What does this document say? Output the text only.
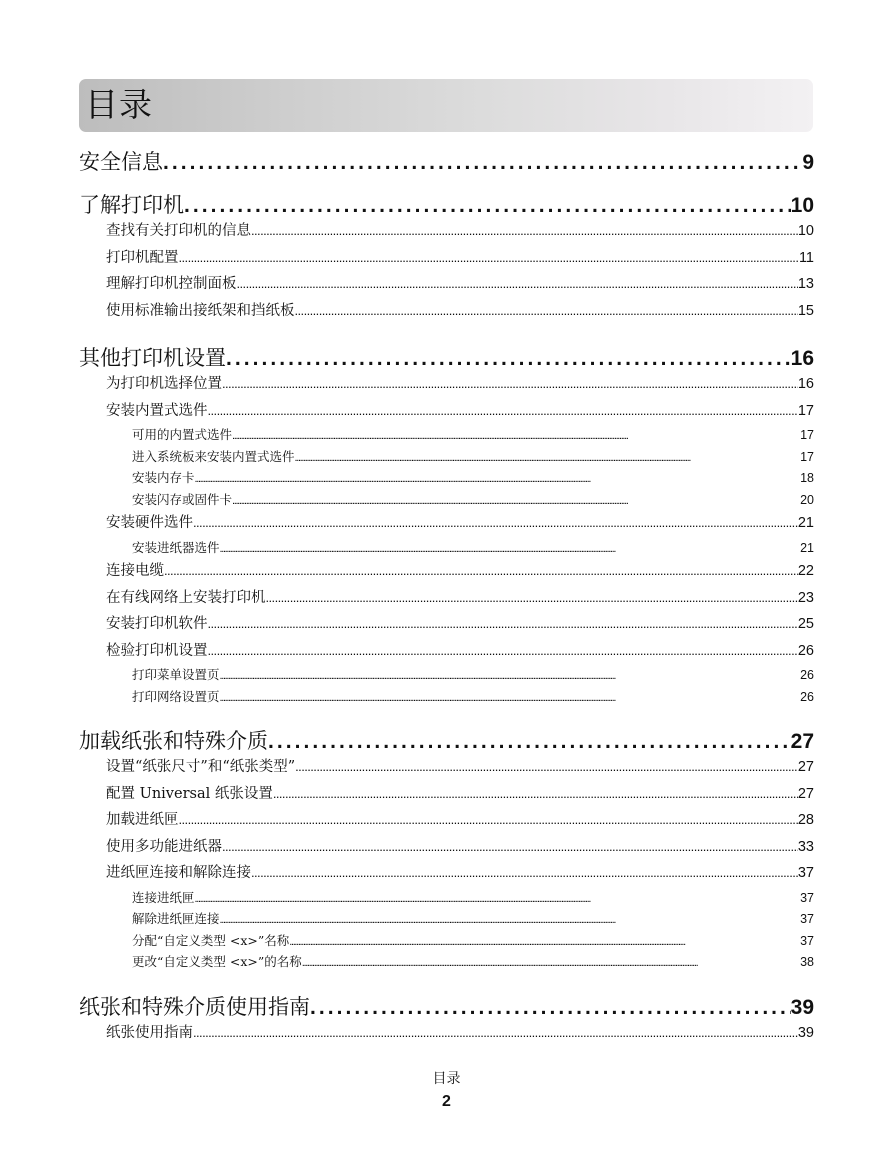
目录
安全信息 . . .	9
了解打印机 . . .	10
查找有关打印机的信息 . . .	10
打印机配置 . . .	11
理解打印机控制面板 . . .	13
使用标准输出接纸架和挡纸板 . . .	15
其他打印机设置 . . .	16
为打印机选择位置 . . .	16
安装内置式选件 . . .	17
可用的内置式选件 . . .	17
进入系统板来安装内置式选件 . . .	17
安装内存卡 . . .	18
安装闪存或固件卡 . . .	20
安装硬件选件 . . .	21
安装进纸器选件 . . .	21
连接电缆 . . .	22
在有线网络上安装打印机 . . .	23
安装打印机软件 . . .	25
检验打印机设置 . . .	26
打印菜单设置页 . . .	26
打印网络设置页 . . .	26
加载纸张和特殊介质 . . .	27
设置“纸张尺寸”和“纸张类型” . . .	27
配置 Universal 纸张设置 . . .	27
加载进纸匣 . . .	28
使用多功能进纸器 . . .	33
进纸匣连接和解除连接 . . .	37
连接进纸匣 . . .	37
解除进纸匣连接 . . .	37
分配“自定义类型 <x>”名称 . . .	37
更改“自定义类型 <x>”的名称 . . .	38
纸张和特殊介质使用指南 . . .	39
纸张使用指南 . . .	39
目录
2
